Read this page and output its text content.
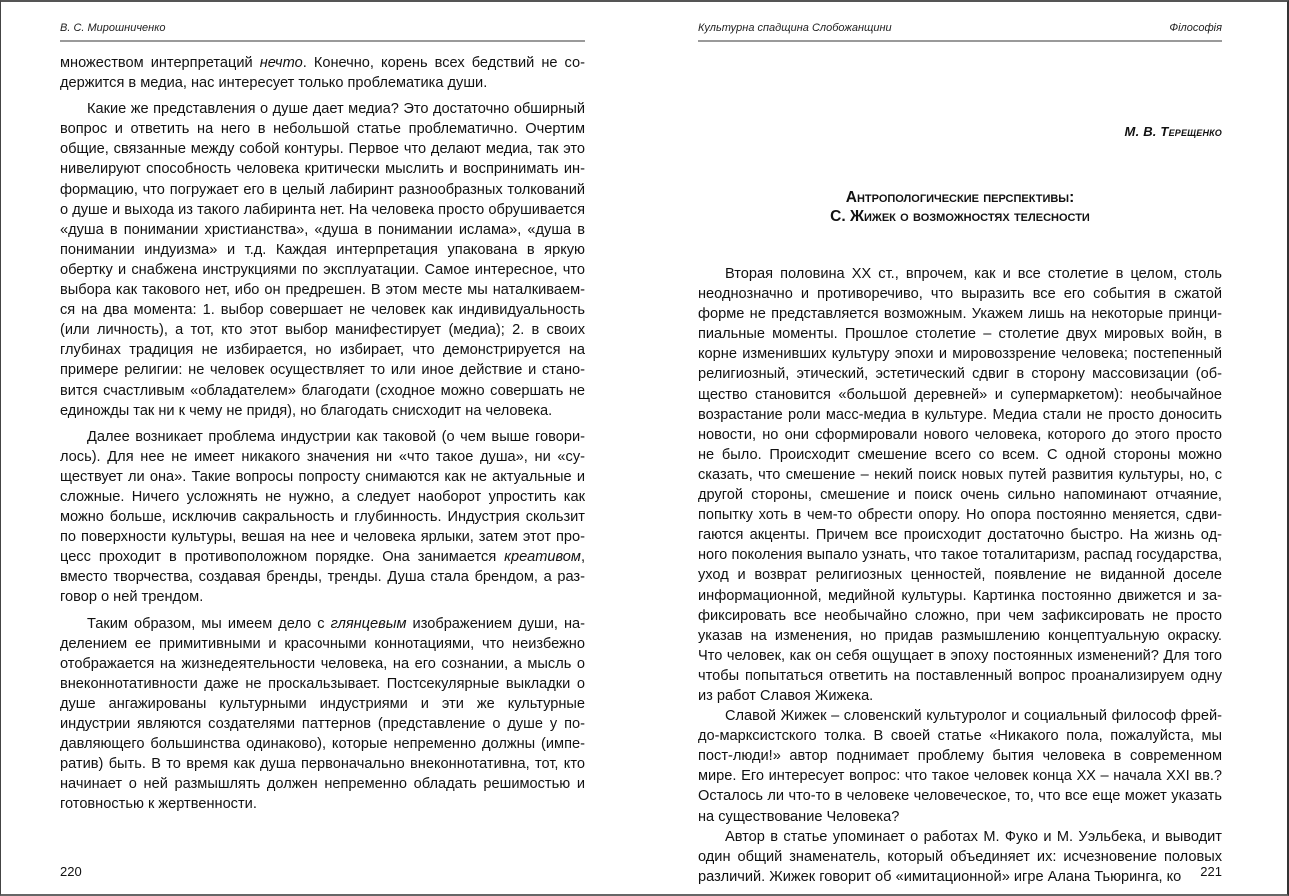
В. С. Мирошниченко

множеством интерпретаций нечто. Конечно, корень всех бедствий не содержится в медиа, нас интересует только проблематика души.

Какие же представления о душе дает медиа? Это достаточно обширный вопрос и ответить на него в небольшой статье проблематично. Очертим общие, связанные между собой контуры. Первое что делают медиа, так это нивелируют способность человека критически мыслить и воспринимать информацию, что погружает его в целый лабиринт разнообразных толкований о душе и выхода из такого лабиринта нет. На человека просто обрушивается «душа в понимании христианства», «душа в понимании ислама», «душа в понимании индуизма» и т.д. Каждая интерпретация упакована в яркую обертку и снабжена инструкциями по эксплуатации. Самое интересное, что выбора как такового нет, ибо он предрешен. В этом месте мы наталкиваемся на два момента: 1. выбор совершает не человек как индивидуальность (или личность), а тот, кто этот выбор манифестирует (медиа); 2. в своих глубинах традиция не избирается, но избирает, что демонстрируется на примере религии: не человек осуществляет то или иное действие и становится счастливым «обладателем» благодати (сходное можно совершать не единожды так ни к чему не придя), но благодать снисходит на человека.

Далее возникает проблема индустрии как таковой (о чем выше говорилось). Для нее не имеет никакого значения ни «что такое душа», ни «существует ли она». Такие вопросы попросту снимаются как не актуальные и сложные. Ничего усложнять не нужно, а следует наоборот упростить как можно больше, исключив сакральность и глубинность. Индустрия скользит по поверхности культуры, вешая на нее и человека ярлыки, затем этот процесс проходит в противоположном порядке. Она занимается креативом, вместо творчества, создавая бренды, тренды. Душа стала брендом, а разговор о ней трендом.

Таким образом, мы имеем дело с глянцевым изображением души, наделением ее примитивными и красочными коннотациями, что неизбежно отображается на жизнедеятельности человека, на его сознании, а мысль о внеконнотативности даже не проскальзывает. Постсекулярные выкладки о душе ангажированы культурными индустриями и эти же культурные индустрии являются создателями паттернов (представление о душе у подавляющего большинства одинаково), которые непременно должны (императив) быть. В то время как душа первоначально внеконнотативна, тот, кто начинает о ней размышлять должен непременно обладать решимостью и готовностью к жертвенности.

220
Культурна спадщина Слобожанщини	Філософія
М. В. Терещенко
Антропологические перспективы:
С. Жижек о возможностях телесности

Вторая половина XX ст., впрочем, как и все столетие в целом, столь неоднозначно и противоречиво, что выразить все его события в сжатой форме не представляется возможным. Укажем лишь на некоторые принципиальные моменты. Прошлое столетие – столетие двух мировых войн, в корне изменивших культуру эпохи и мировоззрение человека; постепенный религиозный, этический, эстетический сдвиг в сторону массовизации (общество становится «большой деревней» и супермаркетом): необычайное возрастание роли масс-медиа в культуре. Медиа стали не просто доносить новости, но они сформировали нового человека, которого до этого просто не было. Происходит смешение всего со всем. С одной стороны можно сказать, что смешение – некий поиск новых путей развития культуры, но, с другой стороны, смешение и поиск очень сильно напоминают отчаяние, попытку хоть в чем-то обрести опору. Но опора постоянно меняется, сдвигаются акценты. Причем все происходит достаточно быстро. На жизнь одного поколения выпало узнать, что такое тоталитаризм, распад государства, уход и возврат религиозных ценностей, появление не виданной доселе информационной, медийной культуры. Картинка постоянно движется и зафиксировать все необычайно сложно, при чем зафиксировать не просто указав на изменения, но придав размышлению концептуальную окраску. Что человек, как он себя ощущает в эпоху постоянных изменений? Для того чтобы попытаться ответить на поставленный вопрос проанализируем одну из работ Славоя Жижека.

Славой Жижек – словенский культуролог и социальный философ фрейдо-марксистского толка. В своей статье «Никакого пола, пожалуйста, мы пост-люди!» автор поднимает проблему бытия человека в современном мире. Его интересует вопрос: что такое человек конца XX – начала XXI вв.? Осталось ли что-то в человеке человеческое, то, что все еще может указать на существование Человека?

Автор в статье упоминает о работах М. Фуко и М. Уэльбека, и выводит один общий знаменатель, который объединяет их: исчезновение половых различий. Жижек говорит об «имитационной» игре Алана Тьюринга, ко	221
